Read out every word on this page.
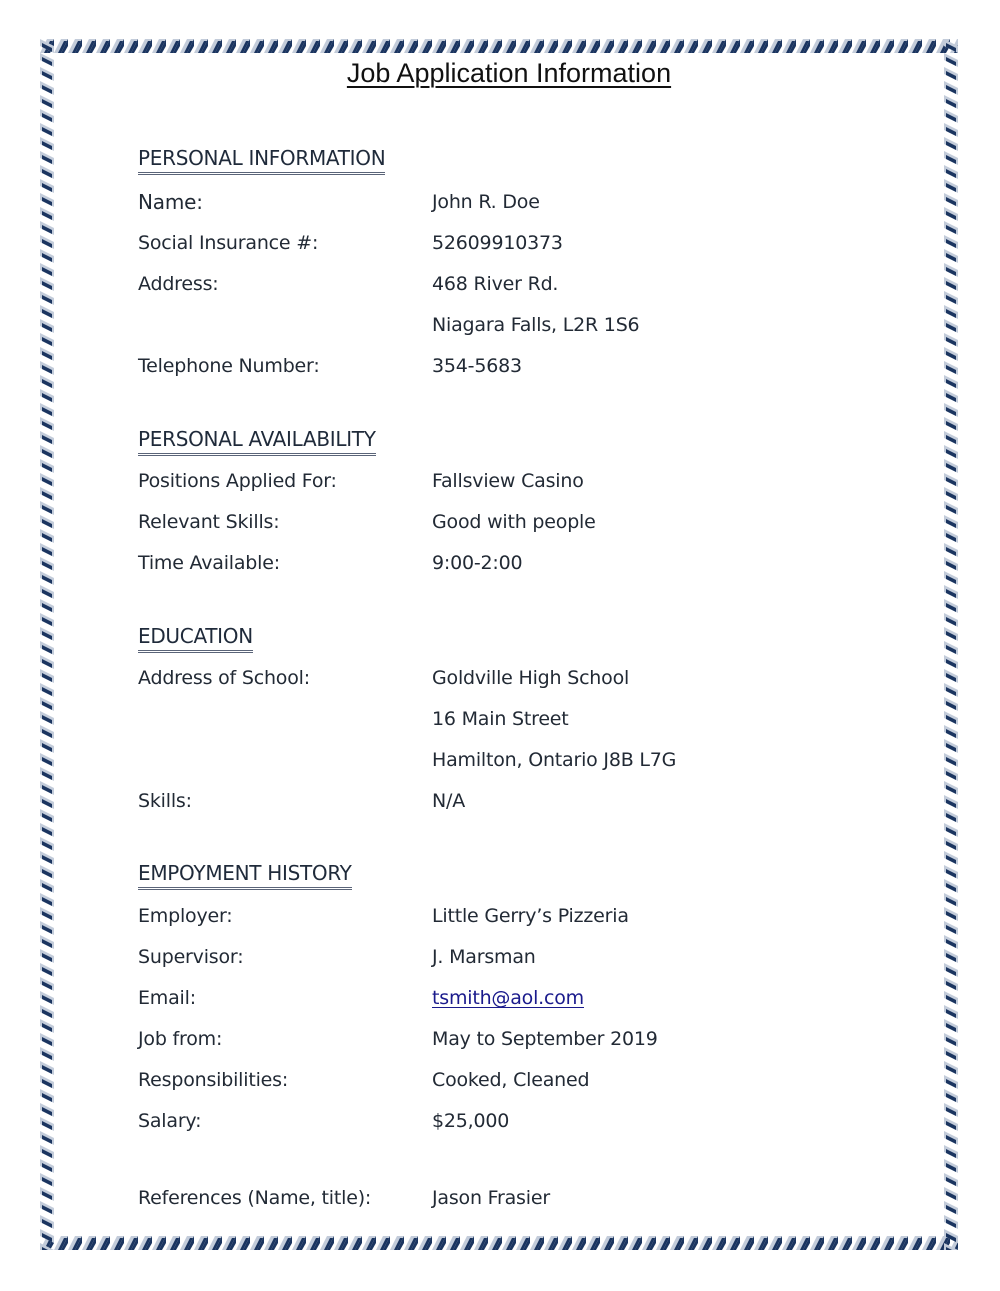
Job Application Information
PERSONAL INFORMATION
Name:	John R. Doe
Social Insurance #:	52609910373
Address:	468 River Rd.
Niagara Falls, L2R 1S6
Telephone Number:	354-5683
PERSONAL AVAILABILITY
Positions Applied For:	Fallsview Casino
Relevant Skills:	Good with people
Time Available:	9:00-2:00
EDUCATION
Address of School:	Goldville High School
16 Main Street
Hamilton, Ontario J8B L7G
Skills:	N/A
EMPOYMENT HISTORY
Employer:	Little Gerry’s Pizzeria
Supervisor:	J. Marsman
Email:	tsmith@aol.com
Job from:	May to September 2019
Responsibilities:	Cooked, Cleaned
Salary:	$25,000
References (Name, title):	Jason Frasier
